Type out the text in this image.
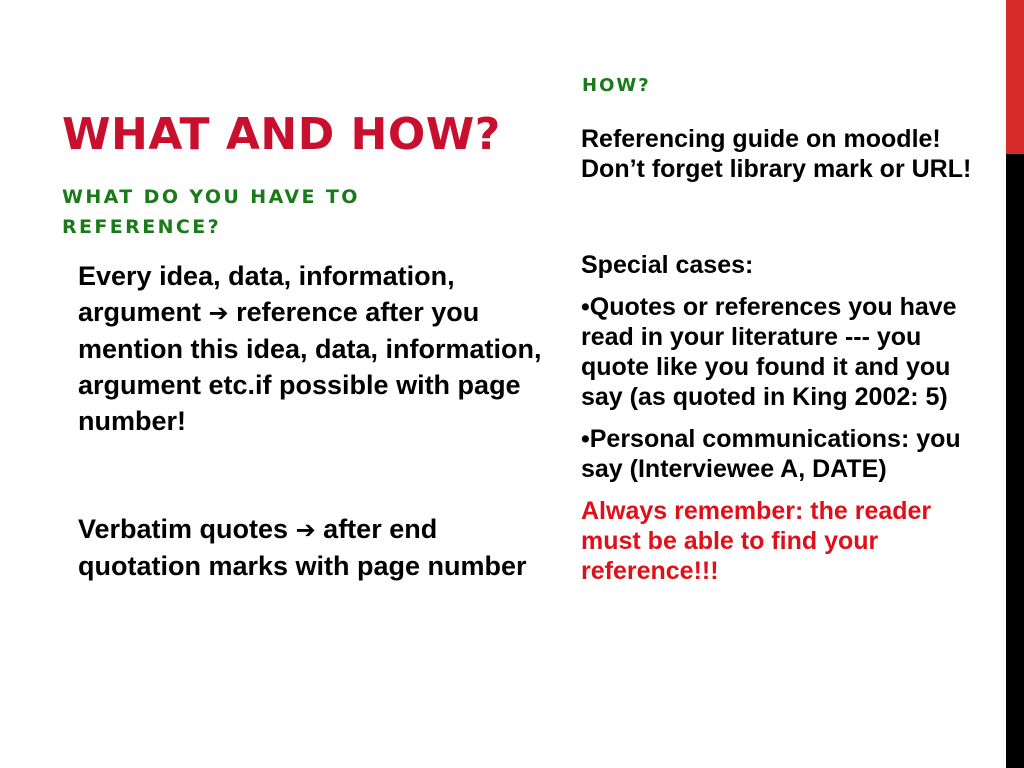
WHAT AND HOW?
WHAT DO YOU HAVE TO REFERENCE?

Every idea, data, information, argument ➔ reference after you mention this idea, data, information, argument etc.if possible with page number!

Verbatim quotes ➔ after end quotation marks with page number

HOW?

Referencing guide on moodle! Don’t forget library mark or URL!

Special cases:

•Quotes or references you have read in your literature --- you quote like you found it and you say (as quoted in King 2002: 5)

•Personal communications: you say (Interviewee A, DATE)

Always remember: the reader must be able to find your reference!!!
